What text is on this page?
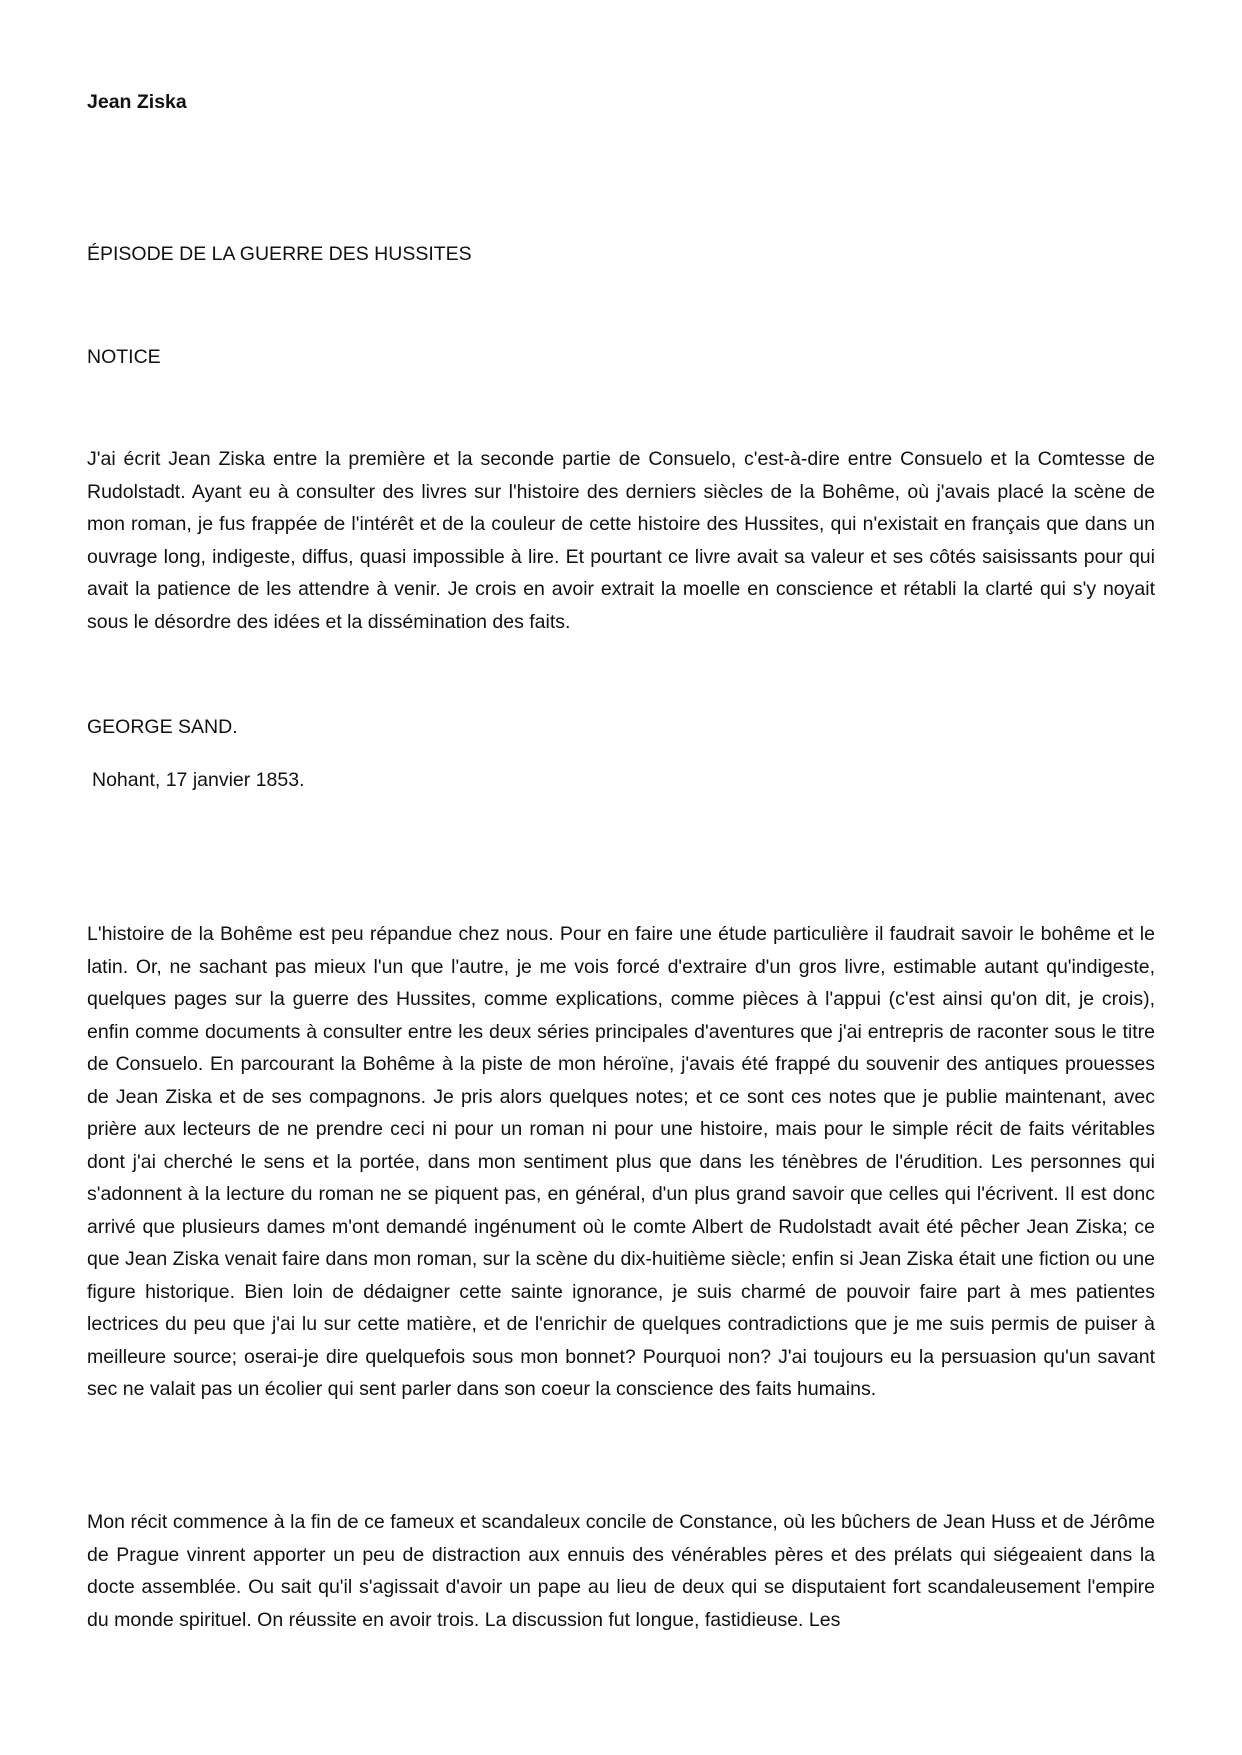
Jean Ziska

ÉPISODE DE LA GUERRE DES HUSSITES

NOTICE

J'ai écrit Jean Ziska entre la première et la seconde partie de Consuelo, c'est-à-dire entre Consuelo et la Comtesse de Rudolstadt. Ayant eu à consulter des livres sur l'histoire des derniers siècles de la Bohême, où j'avais placé la scène de mon roman, je fus frappée de l'intérêt et de la couleur de cette histoire des Hussites, qui n'existait en français que dans un ouvrage long, indigeste, diffus, quasi impossible à lire. Et pourtant ce livre avait sa valeur et ses côtés saisissants pour qui avait la patience de les attendre à venir. Je crois en avoir extrait la moelle en conscience et rétabli la clarté qui s'y noyait sous le désordre des idées et la dissémination des faits.

GEORGE SAND.

Nohant, 17 janvier 1853.

L'histoire de la Bohême est peu répandue chez nous. Pour en faire une étude particulière il faudrait savoir le bohême et le latin. Or, ne sachant pas mieux l'un que l'autre, je me vois forcé d'extraire d'un gros livre, estimable autant qu'indigeste, quelques pages sur la guerre des Hussites, comme explications, comme pièces à l'appui (c'est ainsi qu'on dit, je crois), enfin comme documents à consulter entre les deux séries principales d'aventures que j'ai entrepris de raconter sous le titre de Consuelo. En parcourant la Bohême à la piste de mon héroïne, j'avais été frappé du souvenir des antiques prouesses de Jean Ziska et de ses compagnons. Je pris alors quelques notes; et ce sont ces notes que je publie maintenant, avec prière aux lecteurs de ne prendre ceci ni pour un roman ni pour une histoire, mais pour le simple récit de faits véritables dont j'ai cherché le sens et la portée, dans mon sentiment plus que dans les ténèbres de l'érudition. Les personnes qui s'adonnent à la lecture du roman ne se piquent pas, en général, d'un plus grand savoir que celles qui l'écrivent. Il est donc arrivé que plusieurs dames m'ont demandé ingénument où le comte Albert de Rudolstadt avait été pêcher Jean Ziska; ce que Jean Ziska venait faire dans mon roman, sur la scène du dix-huitième siècle; enfin si Jean Ziska était une fiction ou une figure historique. Bien loin de dédaigner cette sainte ignorance, je suis charmé de pouvoir faire part à mes patientes lectrices du peu que j'ai lu sur cette matière, et de l'enrichir de quelques contradictions que je me suis permis de puiser à meilleure source; oserai-je dire quelquefois sous mon bonnet? Pourquoi non? J'ai toujours eu la persuasion qu'un savant sec ne valait pas un écolier qui sent parler dans son coeur la conscience des faits humains.

Mon récit commence à la fin de ce fameux et scandaleux concile de Constance, où les bûchers de Jean Huss et de Jérôme de Prague vinrent apporter un peu de distraction aux ennuis des vénérables pères et des prélats qui siégeaient dans la docte assemblée. Ou sait qu'il s'agissait d'avoir un pape au lieu de deux qui se disputaient fort scandaleusement l'empire du monde spirituel. On réussite en avoir trois. La discussion fut longue, fastidieuse. Les
